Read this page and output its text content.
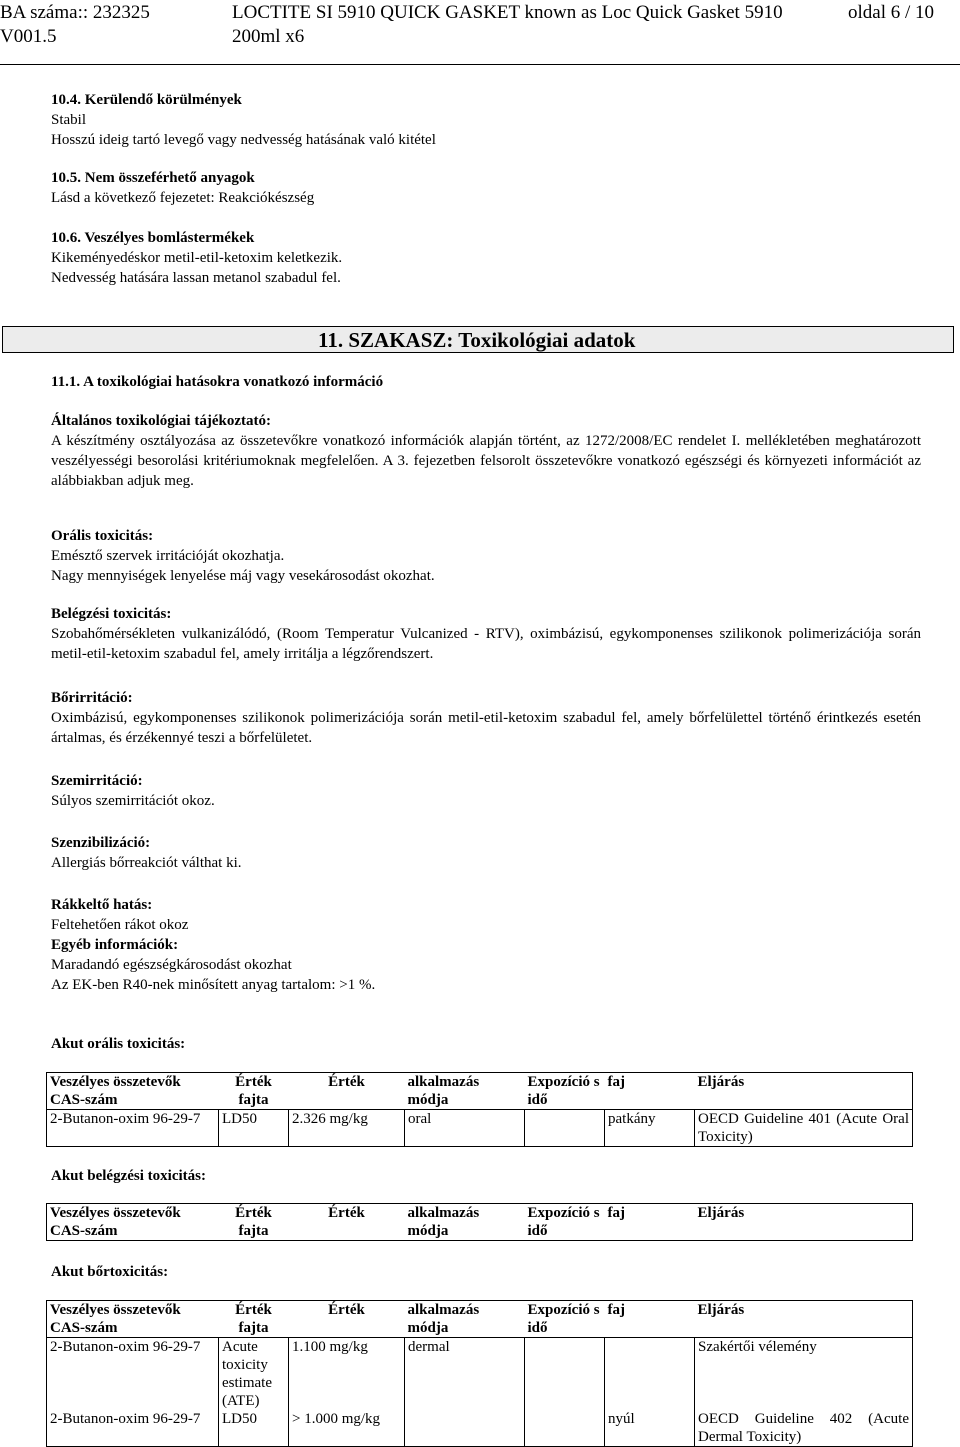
BA száma:: 232325
V001.5
LOCTITE SI 5910 QUICK GASKET known as Loc Quick Gasket 5910
200ml x6
oldal 6 / 10

10.4. Kerülendő körülmények

Stabil

Hosszú ideig tartó levegő vagy nedvesség hatásának való kitétel

10.5. Nem összeférhető anyagok

Lásd a következő fejezetet: Reakciókészség

10.6. Veszélyes bomlástermékek

Kikeményedéskor metil-etil-ketoxim keletkezik.

Nedvesség hatására lassan metanol szabadul fel.

11. SZAKASZ: Toxikológiai adatok

11.1. A toxikológiai hatásokra vonatkozó információ

Általános toxikológiai tájékoztató:

A készítmény osztályozása az összetevőkre vonatkozó információk alapján történt, az 1272/2008/EC rendelet I. mellékletében meghatározott veszélyességi besorolási kritériumoknak megfelelően. A 3. fejezetben felsorolt összetevőkre vonatkozó egészségi és környezeti információt az alábbiakban adjuk meg.

Orális toxicitás:

Emésztő szervek irritációját okozhatja.

Nagy mennyiségek lenyelése máj vagy vesekárosodást okozhat.

Belégzési toxicitás:

Szobahőmérsékleten vulkanizálódó, (Room Temperatur Vulcanized - RTV), oximbázisú, egykomponenses szilikonok polimerizációja során metil-etil-ketoxim szabadul fel, amely irritálja a légzőrendszert.

Bőrirritáció:

Oximbázisú, egykomponenses szilikonok polimerizációja során metil-etil-ketoxim szabadul fel, amely bőrfelülettel történő érintkezés esetén ártalmas, és érzékennyé teszi a bőrfelületet.

Szemirritáció:

Súlyos szemirritációt okoz.

Szenzibilizáció:

Allergiás bőrreakciót válthat ki.

Rákkeltő hatás:

Feltehetően rákot okoz

Egyéb információk:

Maradandó egészségkárosodást okozhat

Az EK-ben R40-nek minősített anyag tartalom: >1 %.

Akut orális toxicitás:

Veszélyes összetevők CAS-szám	Érték fajta	Érték	alkalmazás módja	Expozíció s idő	faj	Eljárás
2-Butanon-oxim 96-29-7	LD50	2.326 mg/kg	oral		patkány	OECD Guideline 401 (Acute Oral Toxicity)

Akut belégzési toxicitás:

Veszélyes összetevők CAS-szám	Érték fajta	Érték	alkalmazás módja	Expozíció s idő	faj	Eljárás

Akut bőrtoxicitás:

Veszélyes összetevők CAS-szám	Érték fajta	Érték	alkalmazás módja	Expozíció s idő	faj	Eljárás
2-Butanon-oxim 96-29-7	Acute toxicity estimate (ATE)	1.100 mg/kg	dermal			Szakértői vélemény
2-Butanon-oxim 96-29-7	LD50	> 1.000 mg/kg			nyúl	OECD Guideline 402 (Acute Dermal Toxicity)
